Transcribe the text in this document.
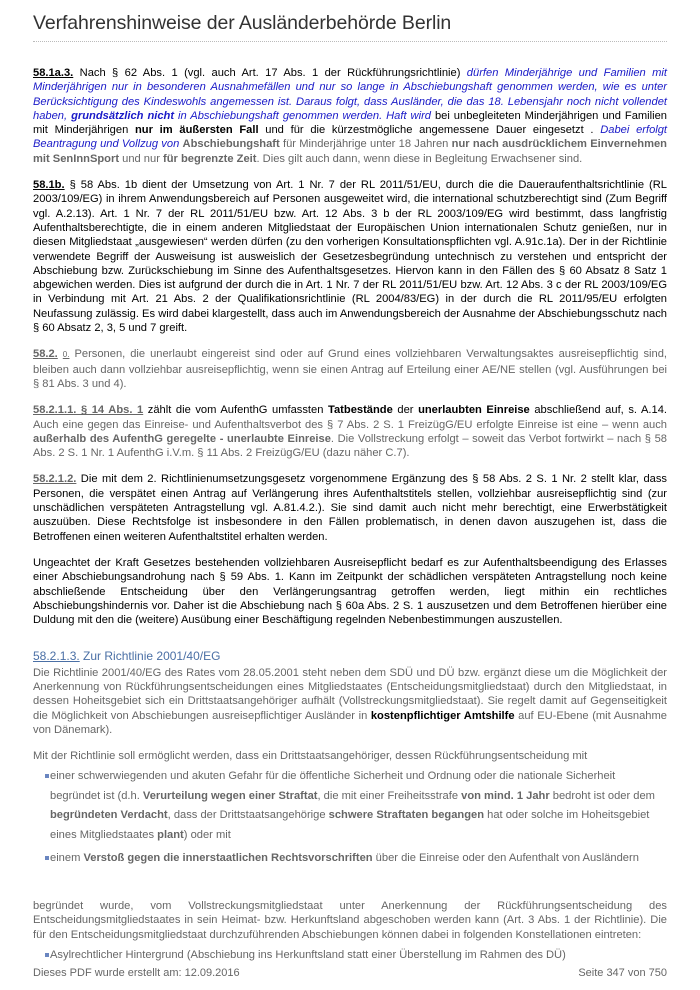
Verfahrenshinweise der Ausländerbehörde Berlin

58.1a.3. Nach § 62 Abs. 1 (vgl. auch Art. 17 Abs. 1 der Rückführungsrichtlinie) dürfen Minderjährige und Familien mit Minderjährigen nur in besonderen Ausnahmefällen und nur so lange in Abschiebungshaft genommen werden, wie es unter Berücksichtigung des Kindeswohls angemessen ist. Daraus folgt, dass Ausländer, die das 18. Lebensjahr noch nicht vollendet haben, grundsätzlich nicht in Abschiebungshaft genommen werden. Haft wird bei unbegleiteten Minderjährigen und Familien mit Minderjährigen nur im äußersten Fall und für die kürzestmögliche angemessene Dauer eingesetzt . Dabei erfolgt Beantragung und Vollzug von Abschiebungshaft für Minderjährige unter 18 Jahren nur nach ausdrücklichem Einvernehmen mit SenInnSport und nur für begrenzte Zeit. Dies gilt auch dann, wenn diese in Begleitung Erwachsener sind.

58.1b. § 58 Abs. 1b dient der Umsetzung von Art. 1 Nr. 7 der RL 2011/51/EU, durch die die Daueraufenthaltsrichtlinie (RL 2003/109/EG) in ihrem Anwendungsbereich auf Personen ausgeweitet wird, die international schutzberechtigt sind (Zum Begriff vgl. A.2.13). Art. 1 Nr. 7 der RL 2011/51/EU bzw. Art. 12 Abs. 3 b der RL 2003/109/EG wird bestimmt, dass langfristig Aufenthaltsberechtigte, die in einem anderen Mitgliedstaat der Europäischen Union internationalen Schutz genießen, nur in diesen Mitgliedstaat „ausgewiesen“ werden dürfen (zu den vorherigen Konsultationspflichten vgl. A.91c.1a). Der in der Richtlinie verwendete Begriff der Ausweisung ist ausweislich der Gesetzesbegründung untechnisch zu verstehen und entspricht der Abschiebung bzw. Zurückschiebung im Sinne des Aufenthaltsgesetzes. Hiervon kann in den Fällen des § 60 Absatz 8 Satz 1 abgewichen werden. Dies ist aufgrund der durch die in Art. 1 Nr. 7 der RL 2011/51/EU bzw. Art. 12 Abs. 3 c der RL 2003/109/EG in Verbindung mit Art. 21 Abs. 2 der Qualifikationsrichtlinie (RL 2004/83/EG) in der durch die RL 2011/95/EU erfolgten Neufassung zulässig. Es wird dabei klargestellt, dass auch im Anwendungsbereich der Ausnahme der Abschiebungsschutz nach § 60 Absatz 2, 3, 5 und 7 greift.

58.2. 0. Personen, die unerlaubt eingereist sind oder auf Grund eines vollziehbaren Verwaltungsaktes ausreisepflichtig sind, bleiben auch dann vollziehbar ausreisepflichtig, wenn sie einen Antrag auf Erteilung einer AE/NE stellen (vgl. Ausführungen bei § 81 Abs. 3 und 4).

58.2.1.1. § 14 Abs. 1 zählt die vom AufenthG umfassten Tatbestände der unerlaubten Einreise abschließend auf, s. A.14. Auch eine gegen das Einreise- und Aufenthaltsverbot des § 7 Abs. 2 S. 1 FreizügG/EU erfolgte Einreise ist eine – wenn auch außerhalb des AufenthG geregelte - unerlaubte Einreise. Die Vollstreckung erfolgt – soweit das Verbot fortwirkt – nach § 58 Abs. 2 S. 1 Nr. 1 AufenthG i.V.m. § 11 Abs. 2 FreizügG/EU (dazu näher C.7).

58.2.1.2. Die mit dem 2. Richtlinienumsetzungsgesetz vorgenommene Ergänzung des § 58 Abs. 2 S. 1 Nr. 2 stellt klar, dass Personen, die verspätet einen Antrag auf Verlängerung ihres Aufenthaltstitels stellen, vollziehbar ausreisepflichtig sind (zur unschädlichen verspäteten Antragstellung vgl. A.81.4.2.). Sie sind damit auch nicht mehr berechtigt, eine Erwerbstätigkeit auszuüben. Diese Rechtsfolge ist insbesondere in den Fällen problematisch, in denen davon auszugehen ist, dass die Betroffenen einen weiteren Aufenthaltstitel erhalten werden.

Ungeachtet der Kraft Gesetzes bestehenden vollziehbaren Ausreisepflicht bedarf es zur Aufenthaltsbeendigung des Erlasses einer Abschiebungsandrohung nach § 59 Abs. 1. Kann im Zeitpunkt der schädlichen verspäteten Antragstellung noch keine abschließende Entscheidung über den Verlängerungsantrag getroffen werden, liegt mithin ein rechtliches Abschiebungshindernis vor. Daher ist die Abschiebung nach § 60a Abs. 2 S. 1 auszusetzen und dem Betroffenen hierüber eine Duldung mit den die (weitere) Ausübung einer Beschäftigung regelnden Nebenbestimmungen auszustellen.

58.2.1.3. Zur Richtlinie 2001/40/EG

Die Richtlinie 2001/40/EG des Rates vom 28.05.2001 steht neben dem SDÜ und DÜ bzw. ergänzt diese um die Möglichkeit der Anerkennung von Rückführungsentscheidungen eines Mitgliedstaates (Entscheidungsmitgliedstaat) durch den Mitgliedstaat, in dessen Hoheitsgebiet sich ein Drittstaatsangehöriger aufhält (Vollstreckungsmitgliedstaat). Sie regelt damit auf Gegenseitigkeit die Möglichkeit von Abschiebungen ausreisepflichtiger Ausländer in kostenpflichtiger Amtshilfe auf EU-Ebene (mit Ausnahme von Dänemark).

Mit der Richtlinie soll ermöglicht werden, dass ein Drittstaatsangehöriger, dessen Rückführungsentscheidung mit

einer schwerwiegenden und akuten Gefahr für die öffentliche Sicherheit und Ordnung oder die nationale Sicherheit begründet ist (d.h. Verurteilung wegen einer Straftat, die mit einer Freiheitsstrafe von mind. 1 Jahr bedroht ist oder dem begründeten Verdacht, dass der Drittstaatsangehörige schwere Straftaten begangen hat oder solche im Hoheitsgebiet eines Mitgliedstaates plant) oder mit
einem Verstoß gegen die innerstaatlichen Rechtsvorschriften über die Einreise oder den Aufenthalt von Ausländern

begründet wurde, vom Vollstreckungsmitgliedstaat unter Anerkennung der Rückführungsentscheidung des Entscheidungsmitgliedstaates in sein Heimat- bzw. Herkunftsland abgeschoben werden kann (Art. 3 Abs. 1 der Richtlinie). Die für den Entscheidungsmitgliedstaat durchzuführenden Abschiebungen können dabei in folgenden Konstellationen eintreten:

Asylrechtlicher Hintergrund (Abschiebung ins Herkunftsland statt einer Überstellung im Rahmen des DÜ)
Dieses PDF wurde erstellt am: 12.09.2016	Seite 347 von 750
